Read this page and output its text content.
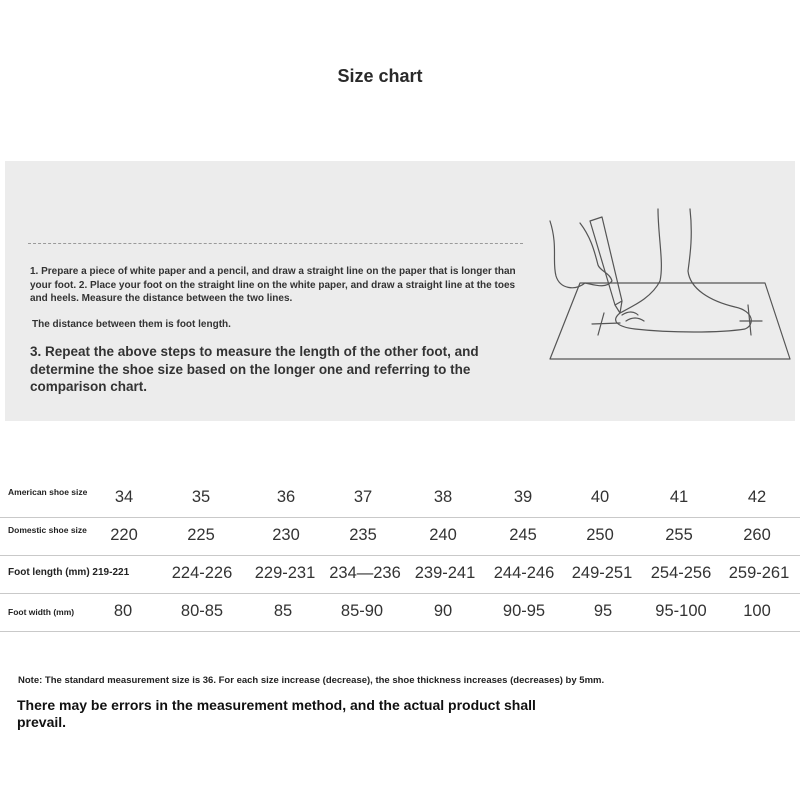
Size chart
1. Prepare a piece of white paper and a pencil, and draw a straight line on the paper that is longer than your foot. 2. Place your foot on the straight line on the white paper, and draw a straight line at the toes and heels. Measure the distance between the two lines.
The distance between them is foot length.
3. Repeat the above steps to measure the length of the other foot, and determine the shoe size based on the longer one and referring to the comparison chart.
American shoe size	34	35	36	37	38	39	40	41	42
Domestic shoe size	220	225	230	235	240	245	250	255	260
Foot length (mm) 219-221	224-226 229-231 234—236 239-241 244-246 249-251 254-256 259-261
Foot width (mm)	80	80-85	85	85-90	90	90-95	95	95-100 100
Note: The standard measurement size is 36. For each size increase (decrease), the shoe thickness increases (decreases) by 5mm.
There may be errors in the measurement method, and the actual product shall prevail.
